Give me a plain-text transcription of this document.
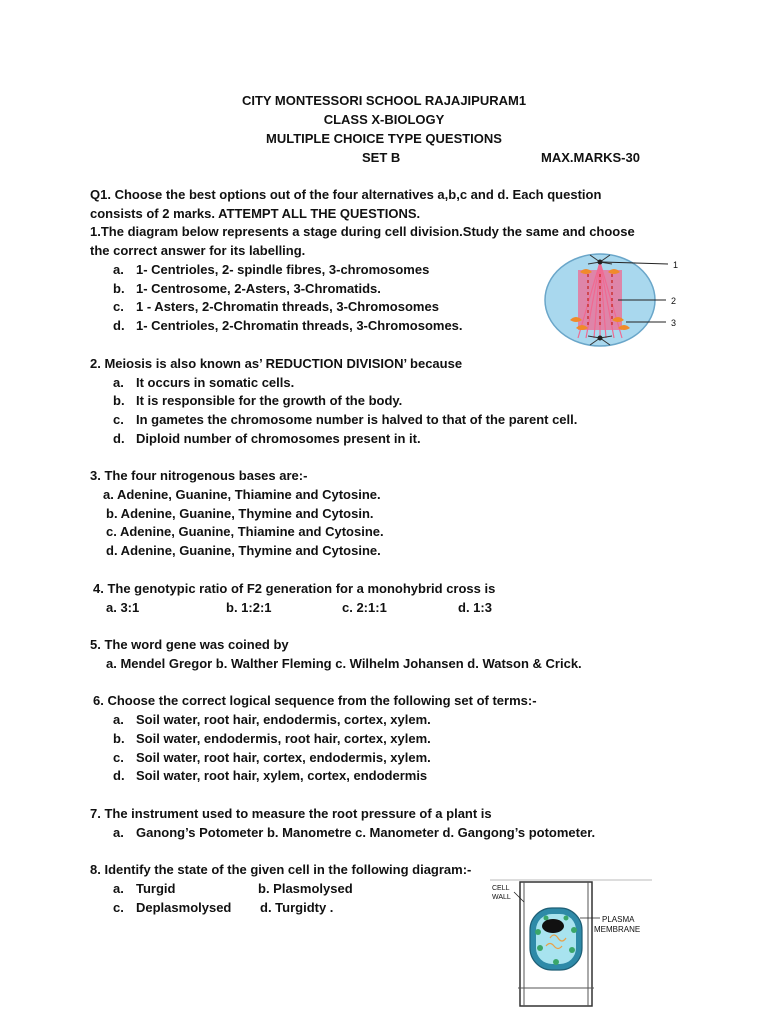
CITY MONTESSORI SCHOOL RAJAJIPURAM1
CLASS X-BIOLOGY
MULTIPLE CHOICE TYPE QUESTIONS
SET B	MAX.MARKS-30
Q1. Choose the best options out of the four alternatives a,b,c and d. Each question
consists of 2 marks. ATTEMPT ALL THE QUESTIONS.
1.The diagram below represents a stage during cell division.Study the same and choose
the correct answer for its labelling.
a. 1- Centrioles, 2- spindle fibres, 3-chromosomes
b. 1- Centrosome, 2-Asters, 3-Chromatids.
c. 1 - Asters, 2-Chromatin threads, 3-Chromosomes
d. 1- Centrioles, 2-Chromatin threads, 3-Chromosomes.
1
2
3
2. Meiosis is also known as’ REDUCTION DIVISION’ because
a. It occurs in somatic cells.
b. It is responsible for the growth of the body.
c. In gametes the chromosome number is halved to that of the parent cell.
d. Diploid number of chromosomes present in it.
3. The four nitrogenous bases are:-
a. Adenine, Guanine, Thiamine and Cytosine.
b. Adenine, Guanine, Thymine and Cytosin.
c. Adenine, Guanine, Thiamine and Cytosine.
d. Adenine, Guanine, Thymine and Cytosine.
4. The genotypic ratio of F2 generation for a monohybrid cross is
a. 3:1	b. 1:2:1	c. 2:1:1	d. 1:3
5. The word gene was coined by
a. Mendel Gregor b. Walther Fleming c. Wilhelm Johansen d. Watson & Crick.
6. Choose the correct logical sequence from the following set of terms:-
a. Soil water, root hair, endodermis, cortex, xylem.
b. Soil water, endodermis, root hair, cortex, xylem.
c. Soil water, root hair, cortex, endodermis, xylem.
d. Soil water, root hair, xylem, cortex, endodermis
7. The instrument used to measure the root pressure of a plant is
a. Ganong’s Potometer b. Manometre c. Manometer d. Gangong’s potometer.
8. Identify the state of the given cell in the following diagram:-
a. Turgid	b. Plasmolysed
c. Deplasmolysed d. Turgidty .
CELL
WALL
PLASMA
MEMBRANE
